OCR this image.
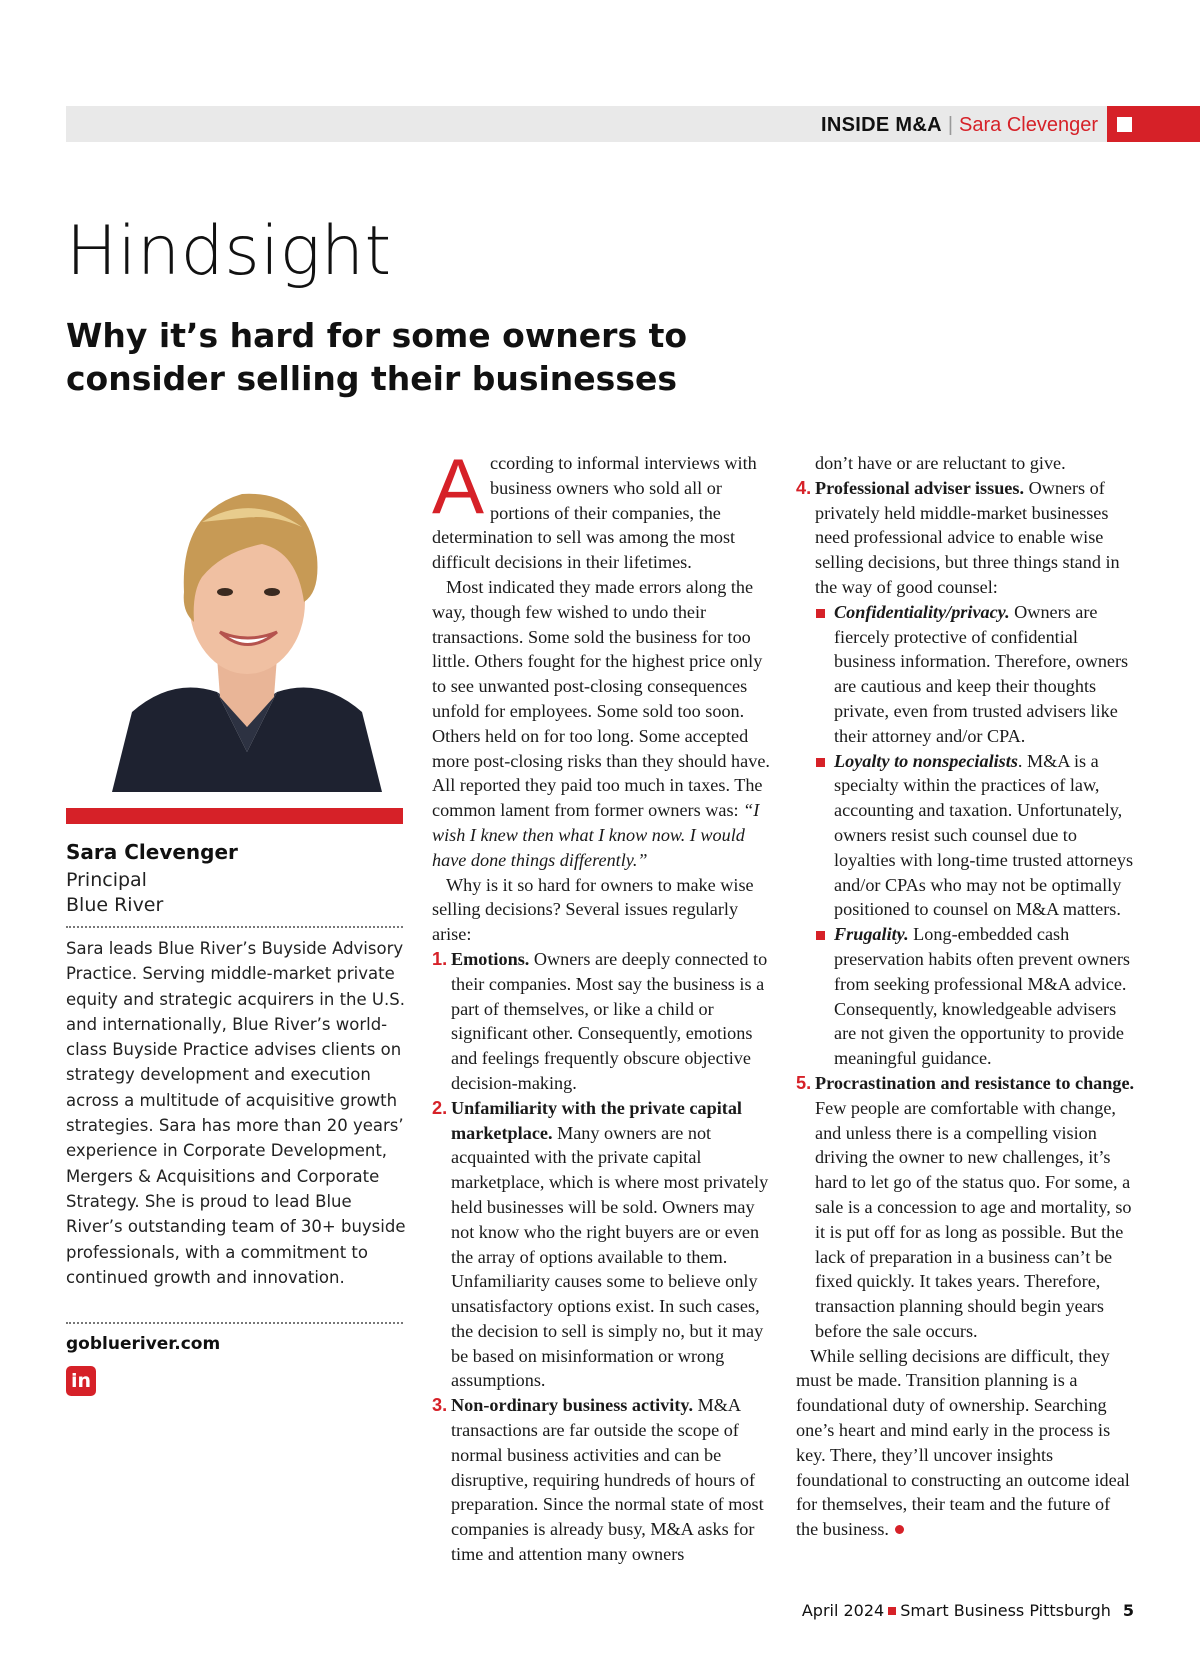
INSIDE M&A | Sara Clevenger
Hindsight
Why it’s hard for some owners to consider selling their businesses
Sara Clevenger
Principal
Blue River
Sara leads Blue River’s Buyside Advisory Practice. Serving middle-market private equity and strategic acquirers in the U.S. and internationally, Blue River’s world-class Buyside Practice advises clients on strategy development and execution across a multitude of acquisitive growth strategies. Sara has more than 20 years’ experience in Corporate Development, Mergers & Acquisitions and Corporate Strategy. She is proud to lead Blue River’s outstanding team of 30+ buyside professionals, with a commitment to continued growth and innovation.
goblueriver.com
in

According to informal interviews with business owners who sold all or portions of their companies, the determination to sell was among the most difficult decisions in their lifetimes.

Most indicated they made errors along the way, though few wished to undo their transactions. Some sold the business for too little. Others fought for the highest price only to see unwanted post-closing consequences unfold for employees. Some sold too soon. Others held on for too long. Some accepted more post-closing risks than they should have. All reported they paid too much in taxes. The common lament from former owners was: “I wish I knew then what I know now. I would have done things differently.”

Why is it so hard for owners to make wise selling decisions? Several issues regularly arise:

1. Emotions. Owners are deeply connected to their companies. Most say the business is a part of themselves, or like a child or significant other. Consequently, emotions and feelings frequently obscure objective decision-making.

2. Unfamiliarity with the private capital marketplace. Many owners are not acquainted with the private capital marketplace, which is where most privately held businesses will be sold. Owners may not know who the right buyers are or even the array of options available to them. Unfamiliarity causes some to believe only unsatisfactory options exist. In such cases, the decision to sell is simply no, but it may be based on misinformation or wrong assumptions.

3. Non-ordinary business activity. M&A transactions are far outside the scope of normal business activities and can be disruptive, requiring hundreds of hours of preparation. Since the normal state of most companies is already busy, M&A asks for time and attention many owners

don’t have or are reluctant to give.

4. Professional adviser issues. Owners of privately held middle-market businesses need professional advice to enable wise selling decisions, but three things stand in the way of good counsel:

Confidentiality/privacy. Owners are fiercely protective of confidential business information. Therefore, owners are cautious and keep their thoughts private, even from trusted advisers like their attorney and/or CPA.

Loyalty to nonspecialists. M&A is a specialty within the practices of law, accounting and taxation. Unfortunately, owners resist such counsel due to loyalties with long-time trusted attorneys and/or CPAs who may not be optimally positioned to counsel on M&A matters.

Frugality. Long-embedded cash preservation habits often prevent owners from seeking professional M&A advice. Consequently, knowledgeable advisers are not given the opportunity to provide meaningful guidance.

5. Procrastination and resistance to change. Few people are comfortable with change, and unless there is a compelling vision driving the owner to new challenges, it’s hard to let go of the status quo. For some, a sale is a concession to age and mortality, so it is put off for as long as possible. But the lack of preparation in a business can’t be fixed quickly. It takes years. Therefore, transaction planning should begin years before the sale occurs.

While selling decisions are difficult, they must be made. Transition planning is a foundational duty of ownership. Searching one’s heart and mind early in the process is key. There, they’ll uncover insights foundational to constructing an outcome ideal for themselves, their team and the future of the business.

April 2024 Smart Business Pittsburgh 5
